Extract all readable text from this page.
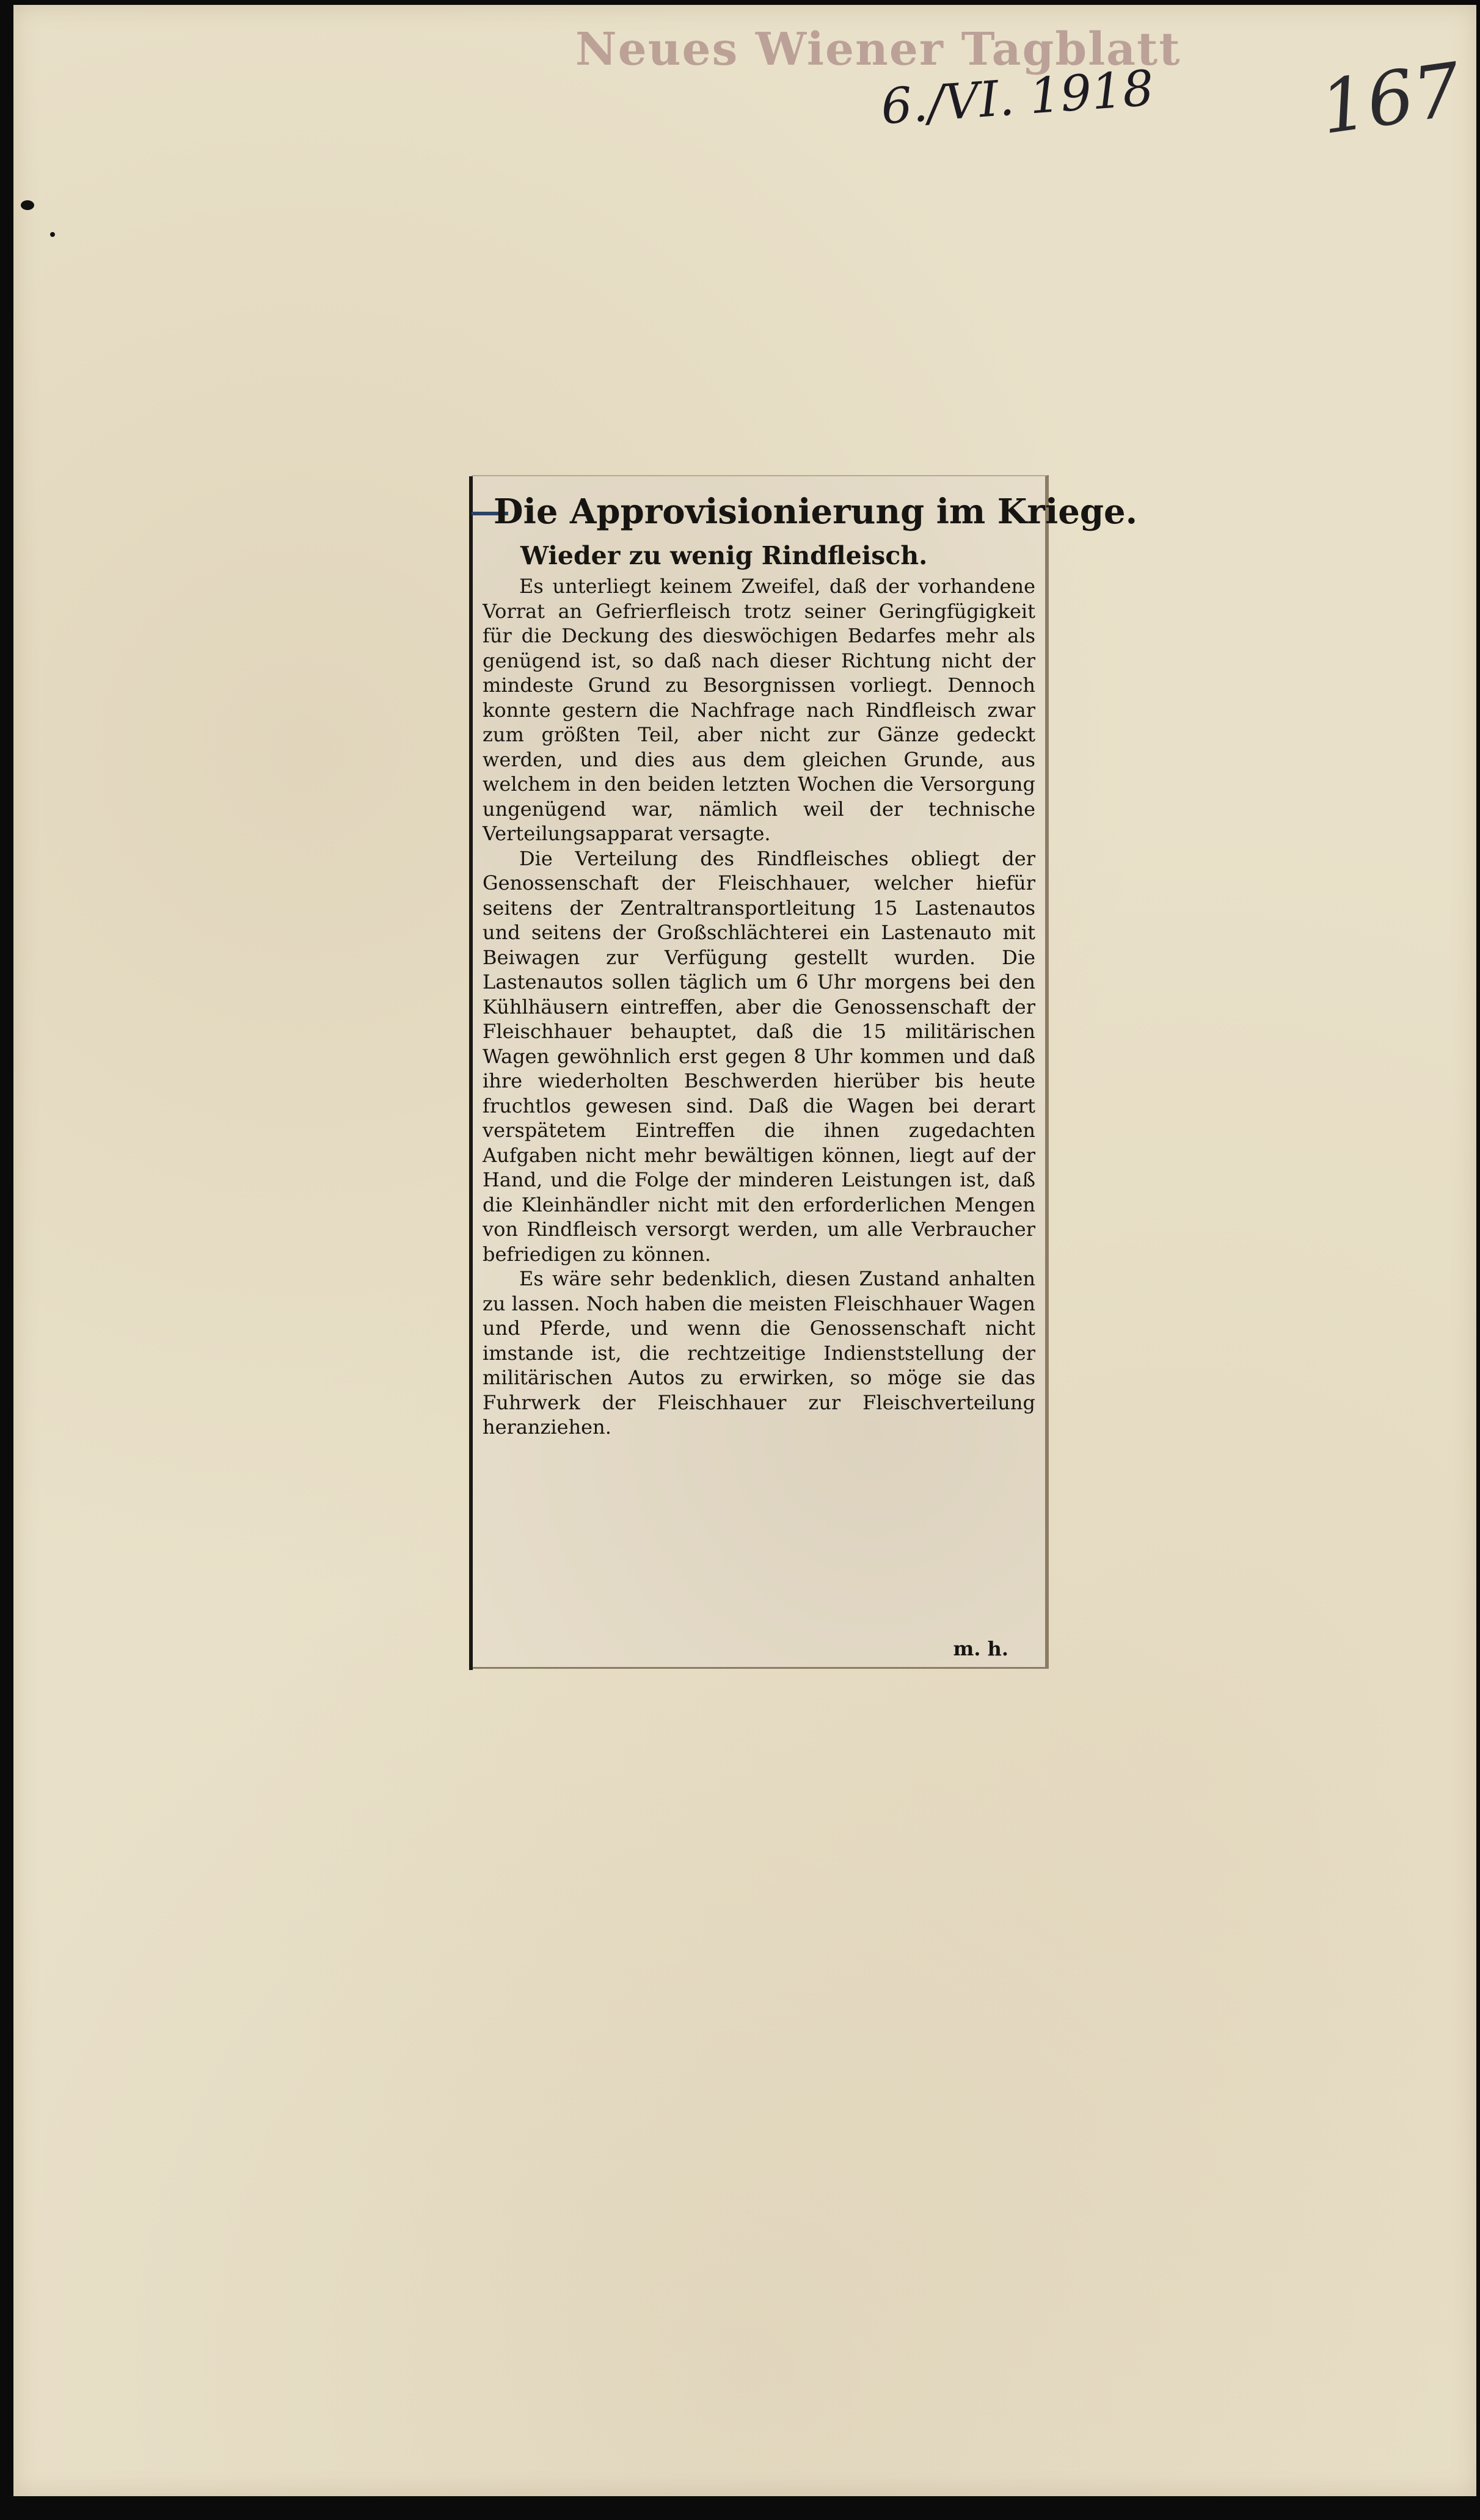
Neues Wiener Tagblatt
6./VI. 1918 167
Die Approvisionierung im Kriege.
Wieder zu wenig Rindfleisch.

Es unterliegt keinem Zweifel, daß der vorhandene Vorrat an Gefrierfleisch trotz seiner Geringfügigkeit für die Deckung des dieswöchigen Bedarfes mehr als genügend ist, so daß nach dieser Richtung nicht der mindeste Grund zu Besorgnissen vorliegt. Dennoch konnte gestern die Nachfrage nach Rindfleisch zwar zum größten Teil, aber nicht zur Gänze gedeckt werden, und dies aus dem gleichen Grunde, aus welchem in den beiden letzten Wochen die Versorgung ungenügend war, nämlich weil der technische Verteilungsapparat versagte.

Die Verteilung des Rindfleisches obliegt der Genossenschaft der Fleischhauer, welcher hiefür seitens der Zentraltransportleitung 15 Lastenautos und seitens der Großschlächterei ein Lastenauto mit Beiwagen zur Verfügung gestellt wurden. Die Lastenautos sollen täglich um 6 Uhr morgens bei den Kühlhäusern eintreffen, aber die Genossenschaft der Fleischhauer behauptet, daß die 15 militärischen Wagen gewöhnlich erst gegen 8 Uhr kommen und daß ihre wiederholten Beschwerden hierüber bis heute fruchtlos gewesen sind. Daß die Wagen bei derart verspätetem Eintreffen die ihnen zugedachten Aufgaben nicht mehr bewältigen können, liegt auf der Hand, und die Folge der minderen Leistungen ist, daß die Kleinhändler nicht mit den erforderlichen Mengen von Rindfleisch versorgt werden, um alle Verbraucher befriedigen zu können.

Es wäre sehr bedenklich, diesen Zustand anhalten zu lassen. Noch haben die meisten Fleischhauer Wagen und Pferde, und wenn die Genossenschaft nicht imstande ist, die rechtzeitige Indienststellung der militärischen Autos zu erwirken, so möge sie das Fuhrwerk der Fleischhauer zur Fleischverteilung heranziehen.

m. h.
